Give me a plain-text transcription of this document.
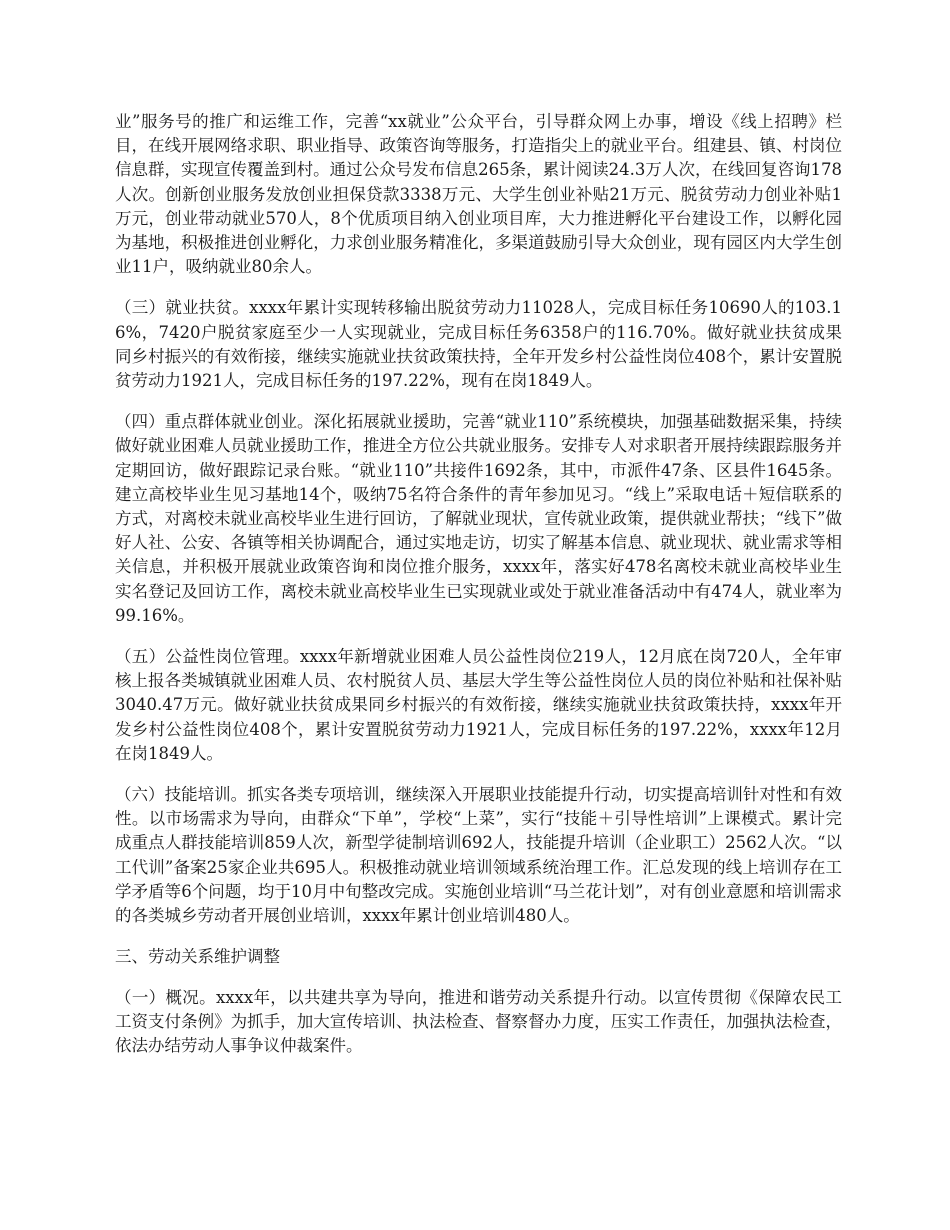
业”服务号的推广和运维工作，完善“xx就业”公众平台，引导群众网上办事，增设《线上招聘》栏目，在线开展网络求职、职业指导、政策咨询等服务，打造指尖上的就业平台。组建县、镇、村岗位信息群，实现宣传覆盖到村。通过公众号发布信息265条，累计阅读24.3万人次，在线回复咨询178人次。创新创业服务发放创业担保贷款3338万元、大学生创业补贴21万元、脱贫劳动力创业补贴1万元，创业带动就业570人，8个优质项目纳入创业项目库，大力推进孵化平台建设工作，以孵化园为基地，积极推进创业孵化，力求创业服务精准化，多渠道鼓励引导大众创业，现有园区内大学生创业11户，吸纳就业80余人。

（三）就业扶贫。xxxx年累计实现转移输出脱贫劳动力11028人，完成目标任务10690人的103.16%，7420户脱贫家庭至少一人实现就业，完成目标任务6358户的116.70%。做好就业扶贫成果同乡村振兴的有效衔接，继续实施就业扶贫政策扶持，全年开发乡村公益性岗位408个，累计安置脱贫劳动力1921人，完成目标任务的197.22%，现有在岗1849人。

（四）重点群体就业创业。深化拓展就业援助，完善“就业110”系统模块，加强基础数据采集，持续做好就业困难人员就业援助工作，推进全方位公共就业服务。安排专人对求职者开展持续跟踪服务并定期回访，做好跟踪记录台账。“就业110”共接件1692条，其中，市派件47条、区县件1645条。建立高校毕业生见习基地14个，吸纳75名符合条件的青年参加见习。“线上”采取电话＋短信联系的方式，对离校未就业高校毕业生进行回访，了解就业现状，宣传就业政策，提供就业帮扶；“线下”做好人社、公安、各镇等相关协调配合，通过实地走访，切实了解基本信息、就业现状、就业需求等相关信息，并积极开展就业政策咨询和岗位推介服务，xxxx年，落实好478名离校未就业高校毕业生实名登记及回访工作，离校未就业高校毕业生已实现就业或处于就业准备活动中有474人，就业率为99.16%。

（五）公益性岗位管理。xxxx年新增就业困难人员公益性岗位219人，12月底在岗720人，全年审核上报各类城镇就业困难人员、农村脱贫人员、基层大学生等公益性岗位人员的岗位补贴和社保补贴3040.47万元。做好就业扶贫成果同乡村振兴的有效衔接，继续实施就业扶贫政策扶持，xxxx年开发乡村公益性岗位408个，累计安置脱贫劳动力1921人，完成目标任务的197.22%，xxxx年12月在岗1849人。

（六）技能培训。抓实各类专项培训，继续深入开展职业技能提升行动，切实提高培训针对性和有效性。以市场需求为导向，由群众“下单”，学校“上菜”，实行“技能＋引导性培训”上课模式。累计完成重点人群技能培训859人次，新型学徒制培训692人，技能提升培训（企业职工）2562人次。“以工代训”备案25家企业共695人。积极推动就业培训领域系统治理工作。汇总发现的线上培训存在工学矛盾等6个问题，均于10月中旬整改完成。实施创业培训“马兰花计划”，对有创业意愿和培训需求的各类城乡劳动者开展创业培训，xxxx年累计创业培训480人。

三、劳动关系维护调整

（一）概况。xxxx年，以共建共享为导向，推进和谐劳动关系提升行动。以宣传贯彻《保障农民工工资支付条例》为抓手，加大宣传培训、执法检查、督察督办力度，压实工作责任，加强执法检查，依法办结劳动人事争议仲裁案件。
